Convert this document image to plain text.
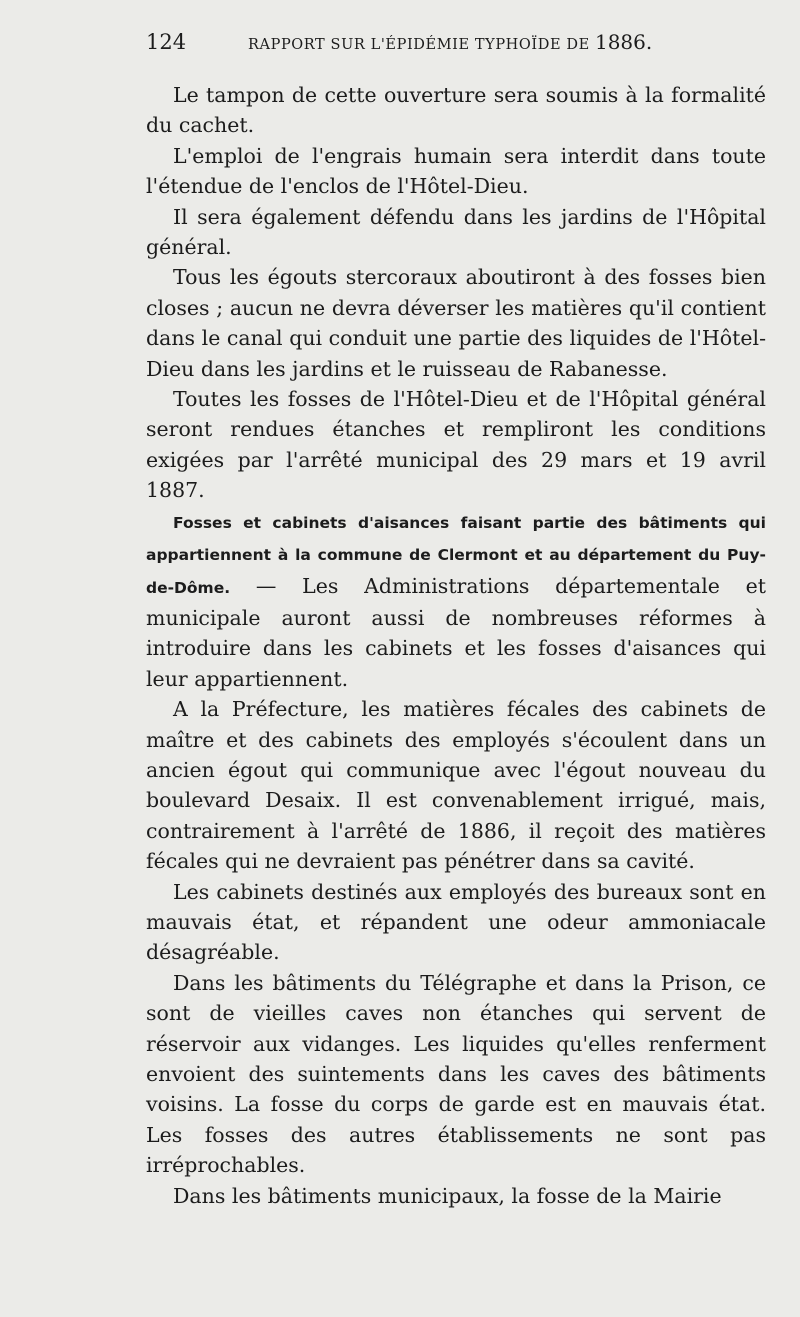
124	RAPPORT SUR L'ÉPIDÉMIE TYPHOÏDE DE 1886.

Le tampon de cette ouverture sera soumis à la formalité du cachet.

L'emploi de l'engrais humain sera interdit dans toute l'étendue de l'enclos de l'Hôtel-Dieu.

Il sera également défendu dans les jardins de l'Hôpital général.

Tous les égouts stercoraux aboutiront à des fosses bien closes ; aucun ne devra déverser les matières qu'il contient dans le canal qui conduit une partie des liquides de l'Hôtel-Dieu dans les jardins et le ruisseau de Rabanesse.

Toutes les fosses de l'Hôtel-Dieu et de l'Hôpital général seront rendues étanches et rempliront les conditions exigées par l'arrêté municipal des 29 mars et 19 avril 1887.

Fosses et cabinets d'aisances faisant partie des bâtiments qui appartiennent à la commune de Clermont et au département du Puy-de-Dôme. — Les Administrations départementale et municipale auront aussi de nombreuses réformes à introduire dans les cabinets et les fosses d'aisances qui leur appartiennent.

A la Préfecture, les matières fécales des cabinets de maître et des cabinets des employés s'écoulent dans un ancien égout qui communique avec l'égout nouveau du boulevard Desaix. Il est convenablement irrigué, mais, contrairement à l'arrêté de 1886, il reçoit des matières fécales qui ne devraient pas pénétrer dans sa cavité.

Les cabinets destinés aux employés des bureaux sont en mauvais état, et répandent une odeur ammoniacale désagréable.

Dans les bâtiments du Télégraphe et dans la Prison, ce sont de vieilles caves non étanches qui servent de réservoir aux vidanges. Les liquides qu'elles renferment envoient des suintements dans les caves des bâtiments voisins. La fosse du corps de garde est en mauvais état. Les fosses des autres établissements ne sont pas irréprochables.

Dans les bâtiments municipaux, la fosse de la Mairie
